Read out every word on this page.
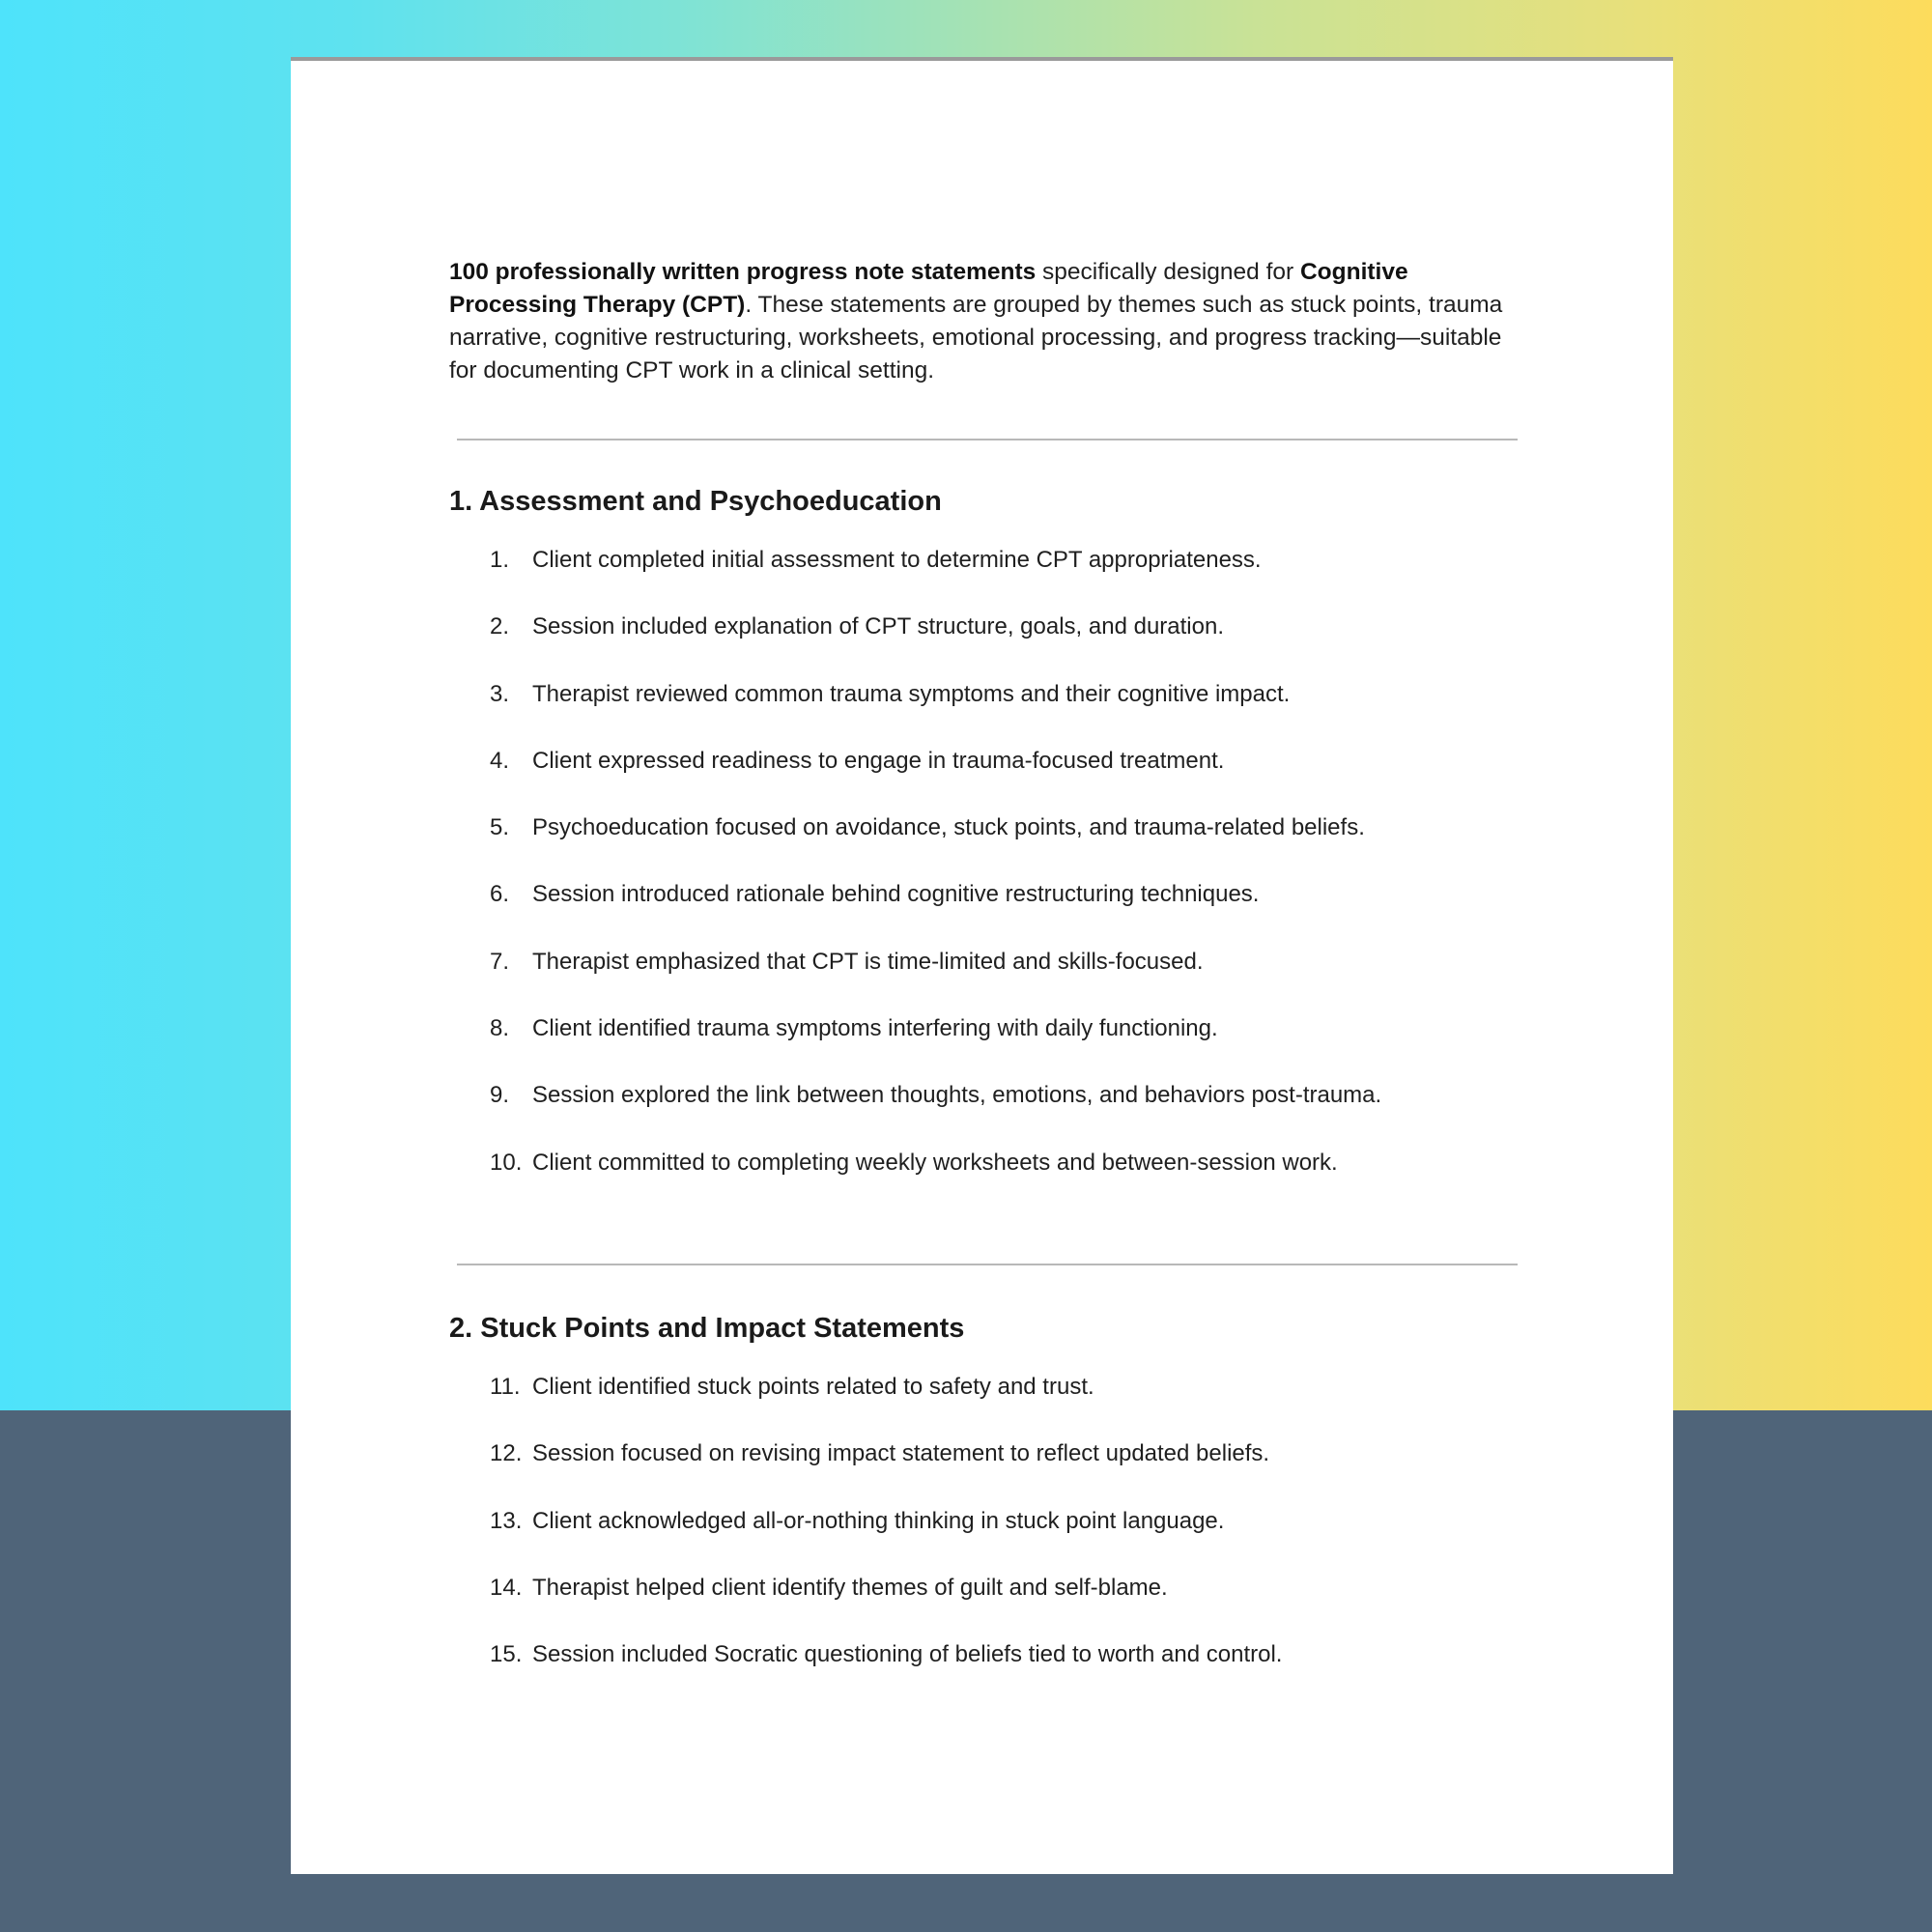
100 professionally written progress note statements specifically designed for Cognitive Processing Therapy (CPT). These statements are grouped by themes such as stuck points, trauma narrative, cognitive restructuring, worksheets, emotional processing, and progress tracking—suitable for documenting CPT work in a clinical setting.

1. Assessment and Psychoeducation
1. Client completed initial assessment to determine CPT appropriateness.
2. Session included explanation of CPT structure, goals, and duration.
3. Therapist reviewed common trauma symptoms and their cognitive impact.
4. Client expressed readiness to engage in trauma-focused treatment.
5. Psychoeducation focused on avoidance, stuck points, and trauma-related beliefs.
6. Session introduced rationale behind cognitive restructuring techniques.
7. Therapist emphasized that CPT is time-limited and skills-focused.
8. Client identified trauma symptoms interfering with daily functioning.
9. Session explored the link between thoughts, emotions, and behaviors post-trauma.
10. Client committed to completing weekly worksheets and between-session work.
2. Stuck Points and Impact Statements
11. Client identified stuck points related to safety and trust.
12. Session focused on revising impact statement to reflect updated beliefs.
13. Client acknowledged all-or-nothing thinking in stuck point language.
14. Therapist helped client identify themes of guilt and self-blame.
15. Session included Socratic questioning of beliefs tied to worth and control.
